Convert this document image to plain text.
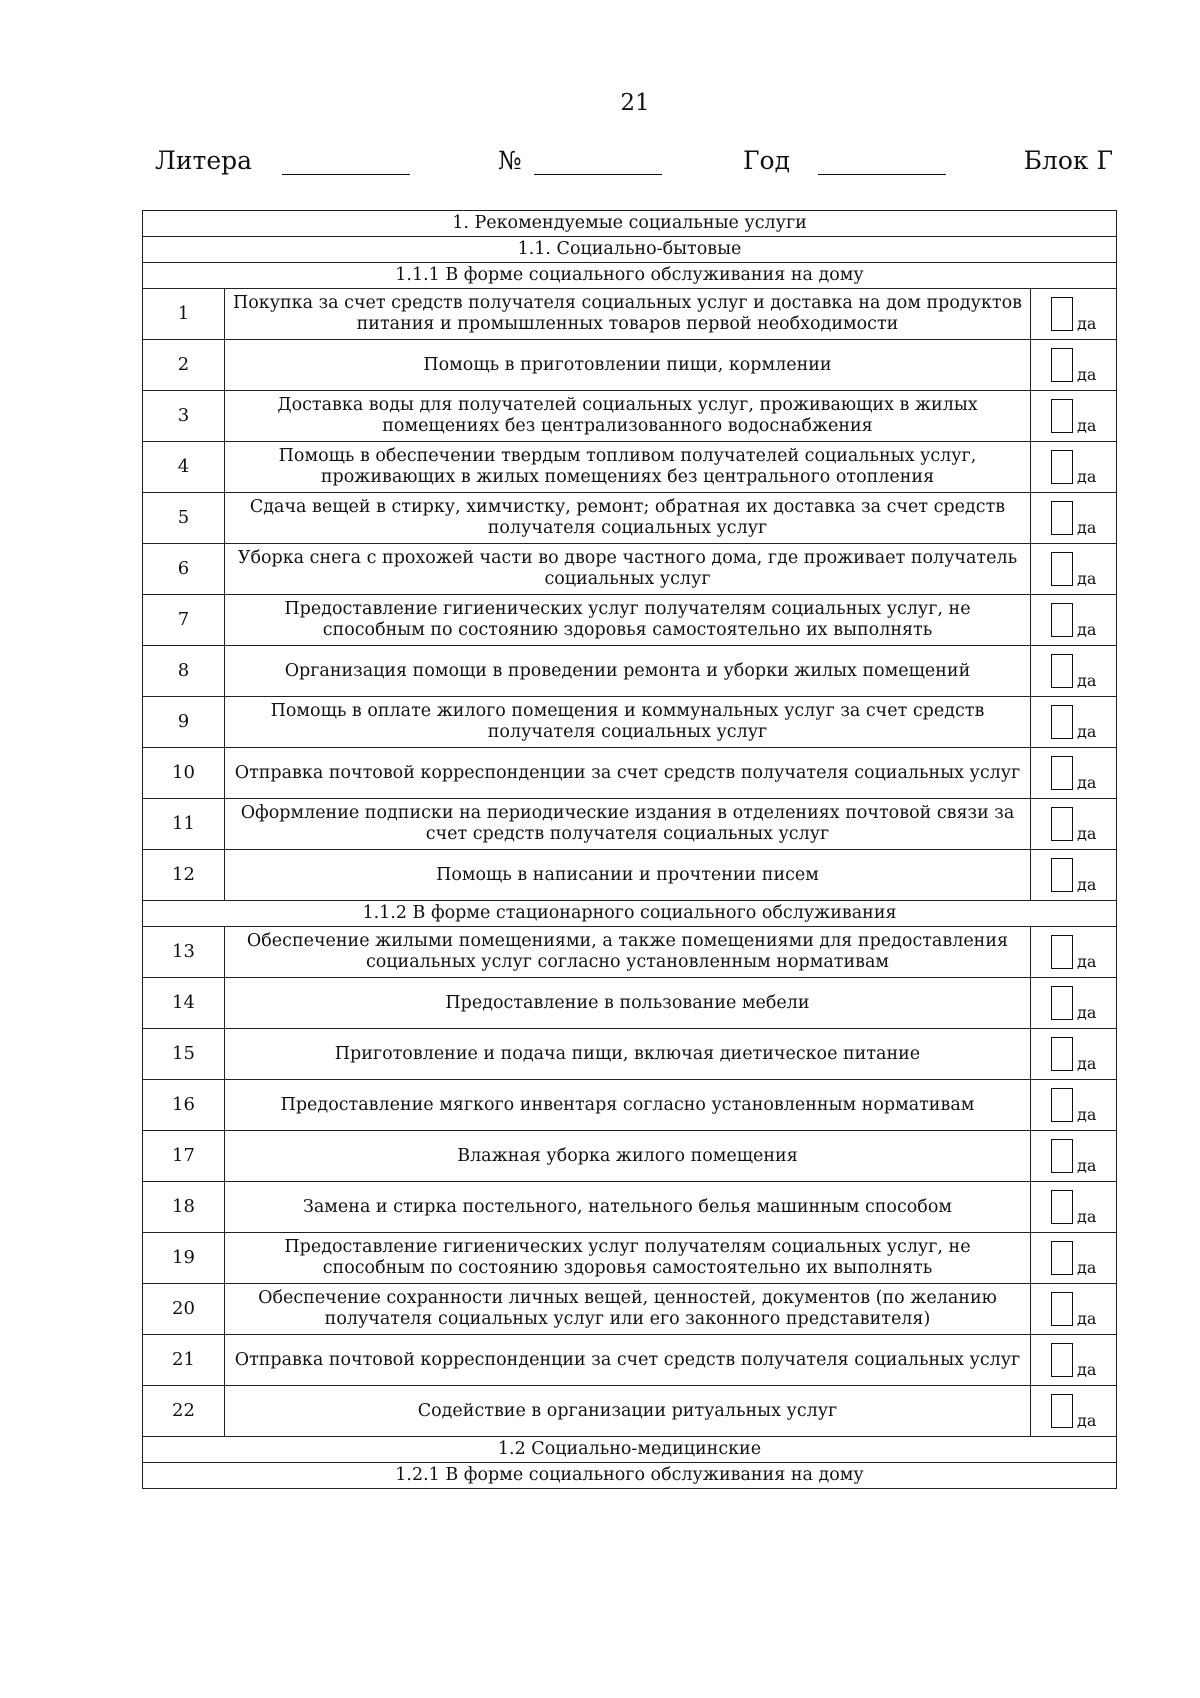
21
Литера	№	Год	Блок Г
1. Рекомендуемые социальные услуги		
1.1. Социально-бытовые		
1.1.1 В форме социального обслуживания на дому		
1	Покупка за счет средств получателя социальных услуг и доставка на дом продуктов питания и промышленных товаров первой необходимости	да

2	Помощь в приготовлении пищи, кормлении	да

3	Доставка воды для получателей социальных услуг, проживающих в жилых помещениях без централизованного водоснабжения	да

4	Помощь в обеспечении твердым топливом получателей социальных услуг, проживающих в жилых помещениях без центрального отопления	да

5	Сдача вещей в стирку, химчистку, ремонт; обратная их доставка за счет средств получателя социальных услуг	да

6	Уборка снега с прохожей части во дворе частного дома, где проживает получатель социальных услуг	да

7	Предоставление гигиенических услуг получателям социальных услуг, не способным по состоянию здоровья самостоятельно их выполнять	да

8	Организация помощи в проведении ремонта и уборки жилых помещений	да

9	Помощь в оплате жилого помещения и коммунальных услуг за счет средств получателя социальных услуг	да

10	Отправка почтовой корреспонденции за счет средств получателя социальных услуг	да

11	Оформление подписки на периодические издания в отделениях почтовой связи за счет средств получателя социальных услуг	да

12	Помощь в написании и прочтении писем	да

1.1.2 В форме стационарного социального обслуживания		
13	Обеспечение жилыми помещениями, а также помещениями для предоставления социальных услуг согласно установленным нормативам	да

14	Предоставление в пользование мебели	да

15	Приготовление и подача пищи, включая диетическое питание	да

16	Предоставление мягкого инвентаря согласно установленным нормативам	да

17	Влажная уборка жилого помещения	да

18	Замена и стирка постельного, нательного белья машинным способом	да

19	Предоставление гигиенических услуг получателям социальных услуг, не способным по состоянию здоровья самостоятельно их выполнять	да

20	Обеспечение сохранности личных вещей, ценностей, документов (по желанию получателя социальных услуг или его законного представителя)	да

21	Отправка почтовой корреспонденции за счет средств получателя социальных услуг	да

22	Содействие в организации ритуальных услуг	да

1.2 Социально-медицинские		
1.2.1 В форме социального обслуживания на дому		
